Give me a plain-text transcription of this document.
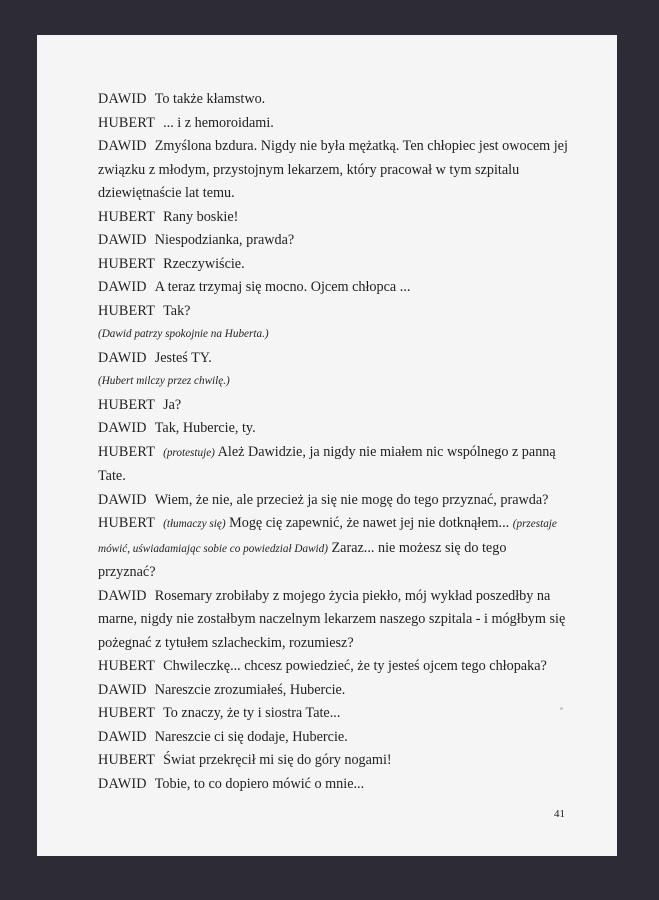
DAWID To także kłamstwo.
HUBERT ... i z hemoroidami.
DAWID Zmyślona bzdura. Nigdy nie była mężatką. Ten chłopiec jest owocem jej
związku z młodym, przystojnym lekarzem, który pracował w tym szpitalu
dziewiętnaście lat temu.
HUBERT Rany boskie!
DAWID Niespodzianka, prawda?
HUBERT Rzeczywiście.
DAWID A teraz trzymaj się mocno. Ojcem chłopca ...
HUBERT Tak?
(Dawid patrzy spokojnie na Huberta.)
DAWID Jesteś TY.
(Hubert milczy przez chwilę.)
HUBERT Ja?
DAWID Tak, Hubercie, ty.
HUBERT (protestuje) Ależ Dawidzie, ja nigdy nie miałem nic wspólnego z panną
Tate.
DAWID Wiem, że nie, ale przecież ja się nie mogę do tego przyznać, prawda?
HUBERT (tłumaczy się) Mogę cię zapewnić, że nawet jej nie dotknąłem... (przestaje
mówić, uświadamiając sobie co powiedział Dawid) Zaraz... nie możesz się do tego
przyznać?
DAWID Rosemary zrobiłaby z mojego życia piekło, mój wykład poszedłby na
marne, nigdy nie zostałbym naczelnym lekarzem naszego szpitala - i mógłbym się
pożegnać z tytułem szlacheckim, rozumiesz?
HUBERT Chwileczkę... chcesz powiedzieć, że ty jesteś ojcem tego chłopaka?
DAWID Nareszcie zrozumiałeś, Hubercie.
HUBERT To znaczy, że ty i siostra Tate...
DAWID Nareszcie ci się dodaje, Hubercie.
HUBERT Świat przekręcił mi się do góry nogami!
DAWID Tobie, to co dopiero mówić o mnie...
41
